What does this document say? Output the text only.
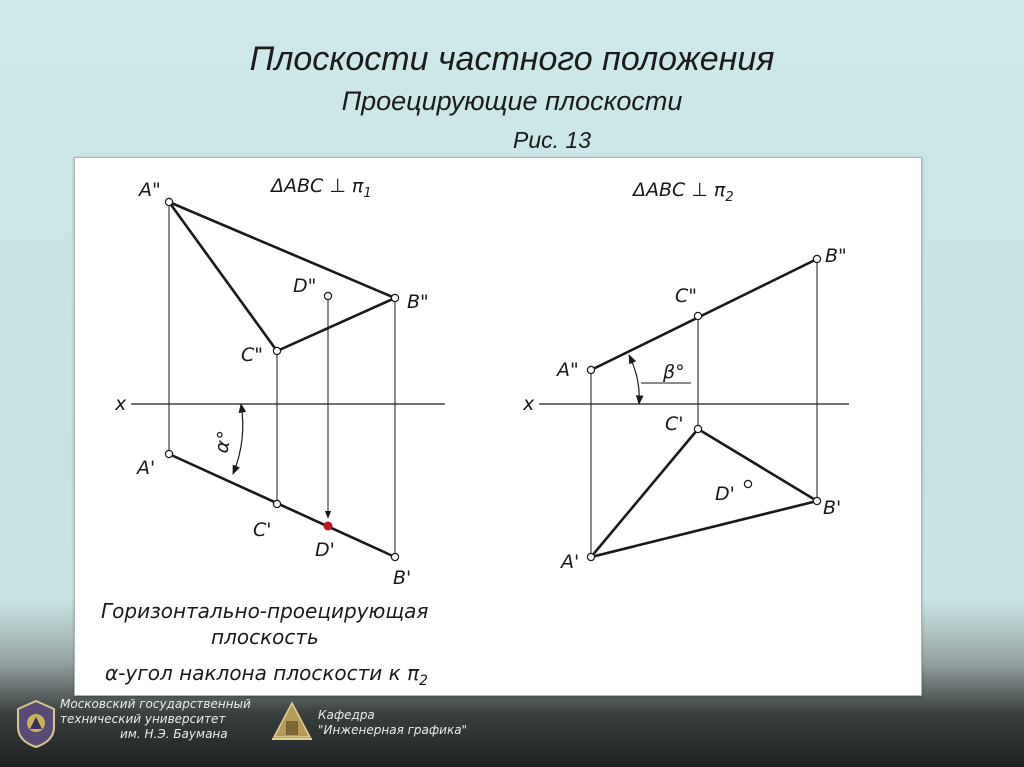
Плоскости частного положения
Проецирующие плоскости
Рис. 13
ΔABC ⊥ $\pi_1$
A"
B"
C"
D"
x
A'
C'
D'
B'
α°
ΔABC ⊥ $\pi_2$
B"
C"
A"	β°
x
C'
D'
B'
A'
Горизонтально-проецирующая
плоскость
α-угол наклона плоскости к $\pi_2$
Московский государственный
технический университет
им. Н.Э. Баумана
Кафедра
"Инженерная графика"
